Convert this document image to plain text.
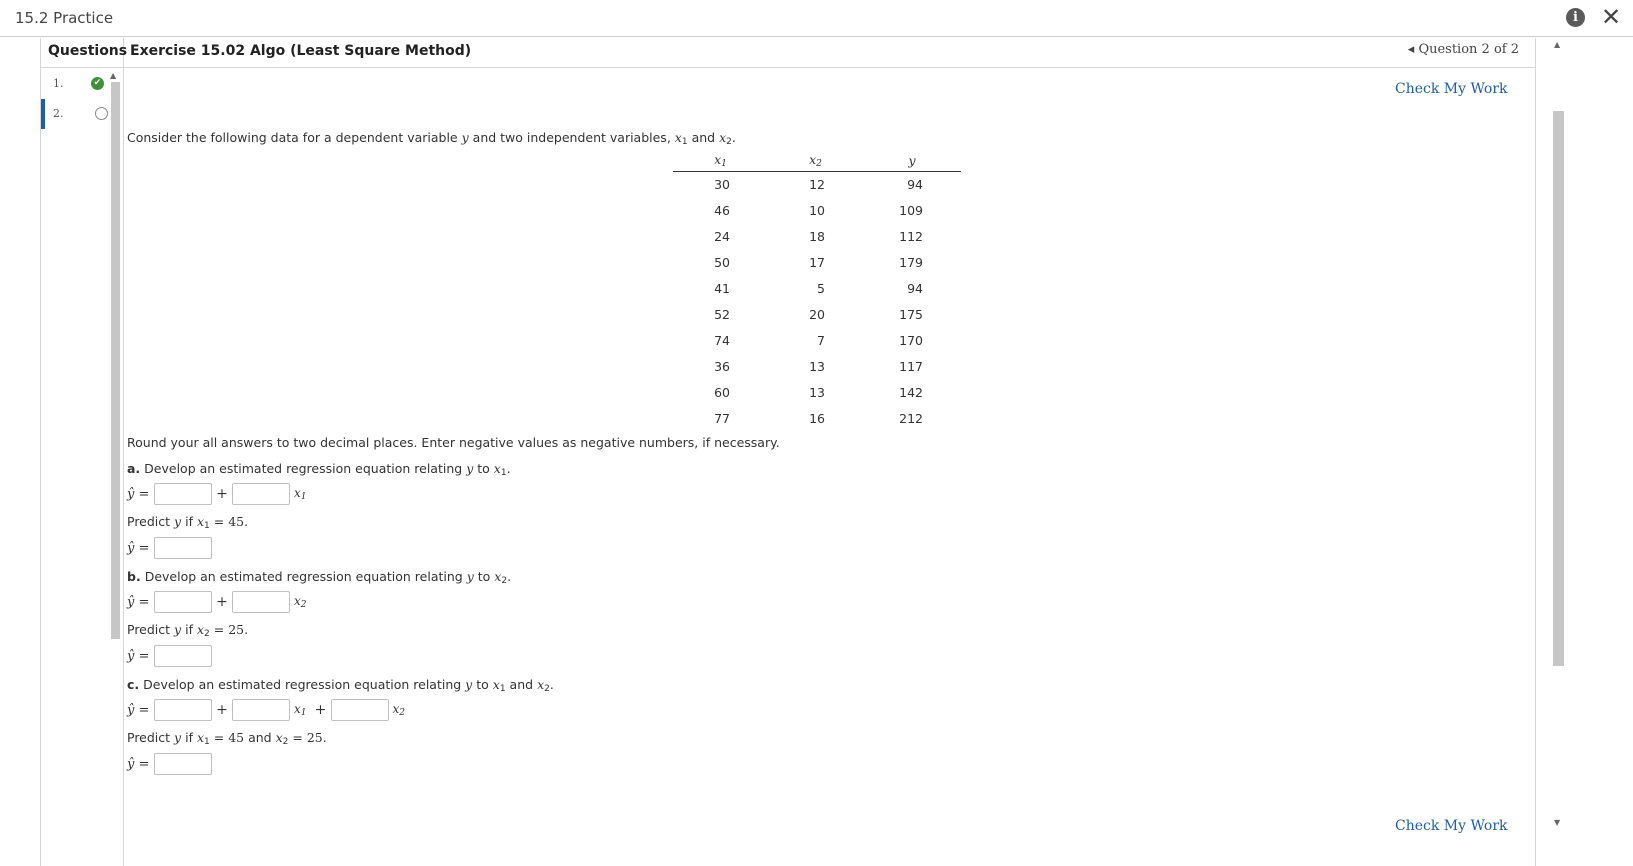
15.2 Practice	i ✕
Questions
1.	✔
2.
▲
Exercise 15.02 Algo (Least Square Method)	◂ Question 2 of 2
Check My Work
Consider the following data for a dependent variable y and two independent variables, $x_1$ and $x_2$.
$x_1$	$x_2$	y
30	12	94
46	10	109
24	18	112
50	17	179
41	5	94
52	20	175
74	7	170
36	13	117
60	13	142
77	16	212
Round your all answers to two decimal places. Enter negative values as negative numbers, if necessary.
a. Develop an estimated regression equation relating y to $x_1$.
ŷ =	+	$x_1$
Predict y if $x_1 = 45$.
ŷ =
b. Develop an estimated regression equation relating y to $x_2$.
ŷ =	+	$x_2$
Predict y if $x_2 = 25$.
ŷ =
c. Develop an estimated regression equation relating y to $x_1$ and $x_2$.
ŷ =	+	$x_1$ +	$x_2$
Predict y if $x_1 = 45$ and $x_2 = 25$.
ŷ =
Check My Work
▲
▼
